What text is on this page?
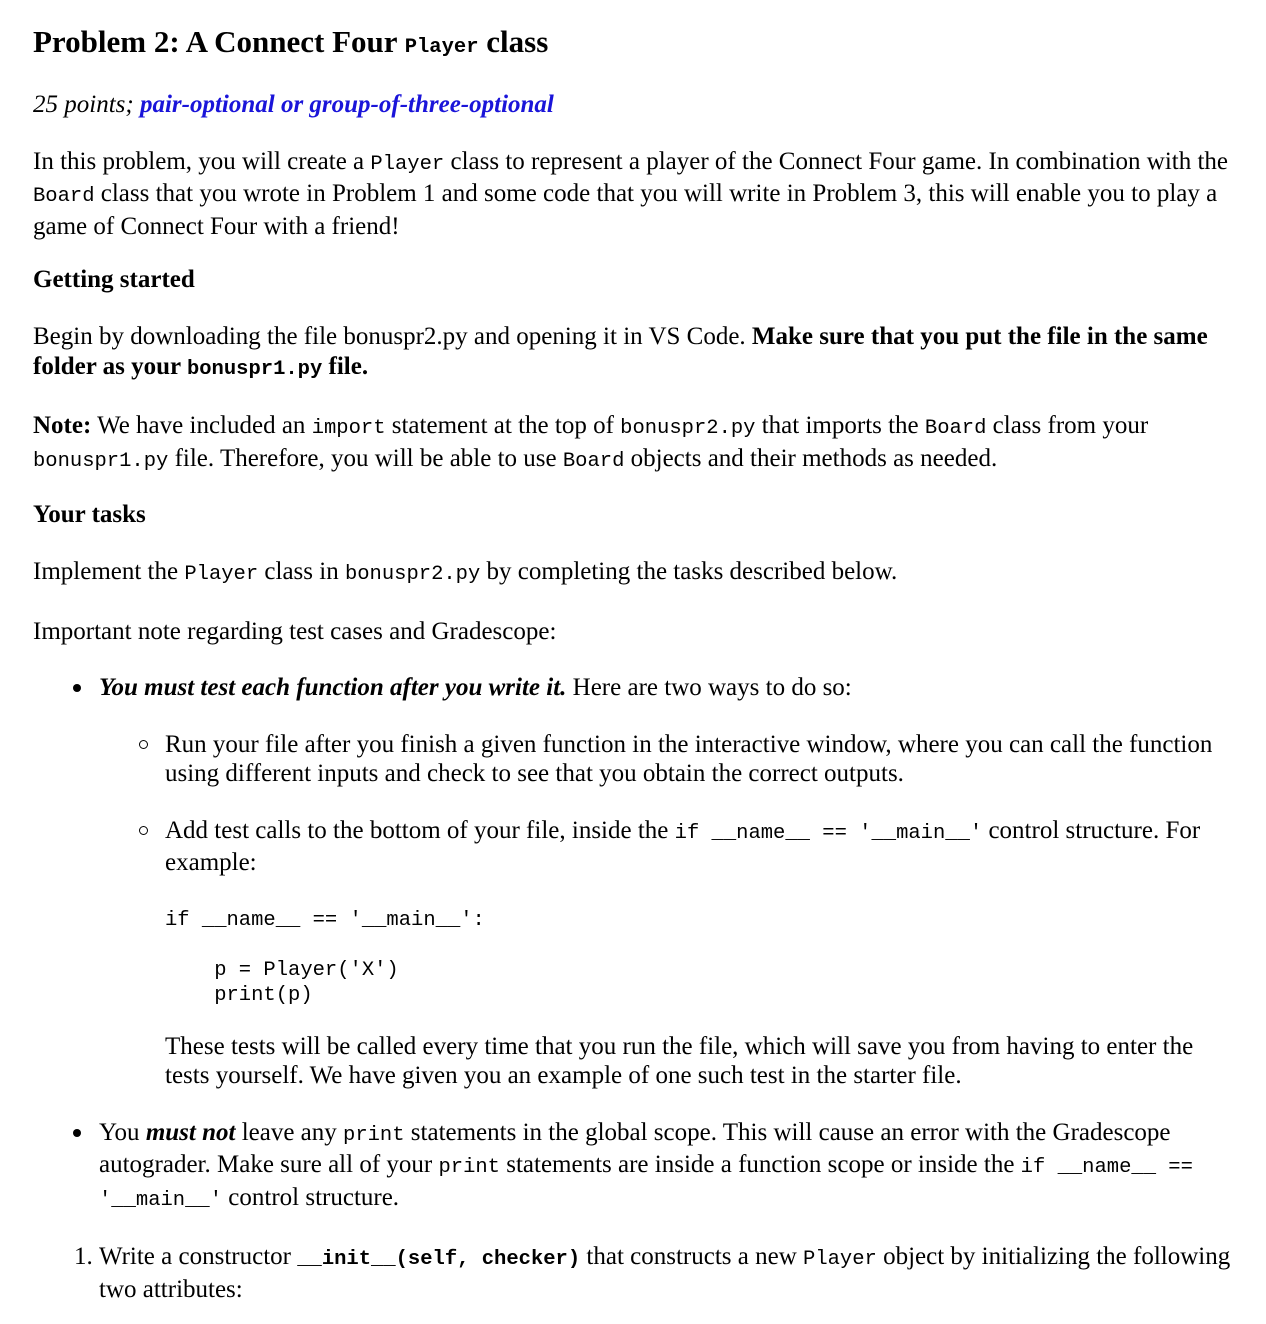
Problem 2: A Connect Four Player class

25 points; pair-optional or group-of-three-optional

In this problem, you will create a Player class to represent a player of the Connect Four game. In combination with the Board class that you wrote in Problem 1 and some code that you will write in Problem 3, this will enable you to play a game of Connect Four with a friend!

Getting started

Begin by downloading the file bonuspr2.py and opening it in VS Code. Make sure that you put the file in the same folder as your bonuspr1.py file.

Note: We have included an import statement at the top of bonuspr2.py that imports the Board class from your bonuspr1.py file. Therefore, you will be able to use Board objects and their methods as needed.

Your tasks

Implement the Player class in bonuspr2.py by completing the tasks described below.

Important note regarding test cases and Gradescope:

You must test each function after you write it. Here are two ways to do so:
Run your file after you finish a given function in the interactive window, where you can call the function using different inputs and check to see that you obtain the correct outputs.
Add test calls to the bottom of your file, inside the if __name__ == '__main__' control structure. For example:
if __name__ == '__main__':

p = Player('X')
print(p)

These tests will be called every time that you run the file, which will save you from having to enter the tests yourself. We have given you an example of one such test in the starter file.

You must not leave any print statements in the global scope. This will cause an error with the Gradescope autograder. Make sure all of your print statements are inside a function scope or inside the if __name__ == '__main__' control structure.
1. Write a constructor __init__(self, checker) that constructs a new Player object by initializing the following two attributes:
